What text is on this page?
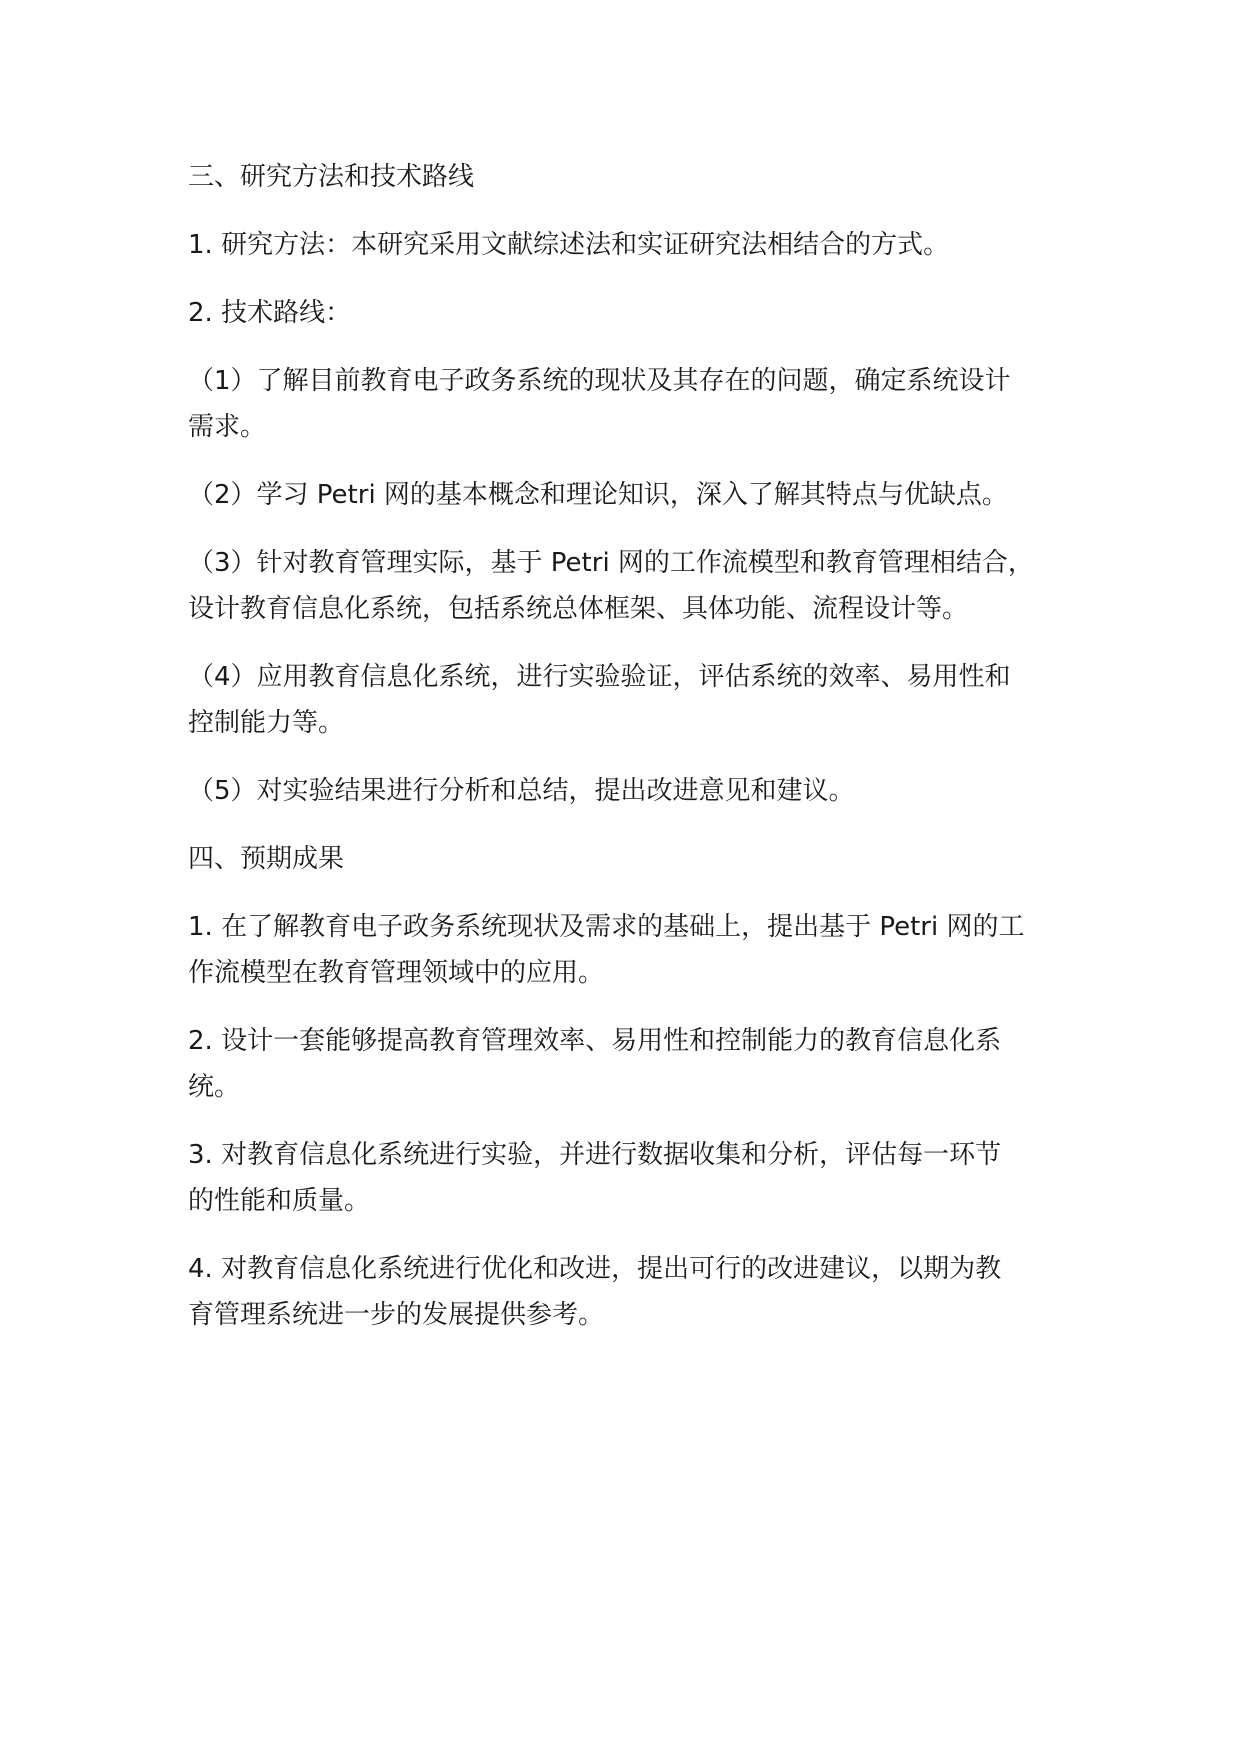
三、研究方法和技术路线

1. 研究方法：本研究采用文献综述法和实证研究法相结合的方式。

2. 技术路线：

（1）了解目前教育电子政务系统的现状及其存在的问题，确定系统设计
需求。

（2）学习 Petri 网的基本概念和理论知识，深入了解其特点与优缺点。

（3）针对教育管理实际，基于 Petri 网的工作流模型和教育管理相结合，
设计教育信息化系统，包括系统总体框架、具体功能、流程设计等。

（4）应用教育信息化系统，进行实验验证，评估系统的效率、易用性和
控制能力等。

（5）对实验结果进行分析和总结，提出改进意见和建议。

四、预期成果

1. 在了解教育电子政务系统现状及需求的基础上，提出基于 Petri 网的工
作流模型在教育管理领域中的应用。

2. 设计一套能够提高教育管理效率、易用性和控制能力的教育信息化系
统。

3. 对教育信息化系统进行实验，并进行数据收集和分析，评估每一环节
的性能和质量。

4. 对教育信息化系统进行优化和改进，提出可行的改进建议，以期为教
育管理系统进一步的发展提供参考。
